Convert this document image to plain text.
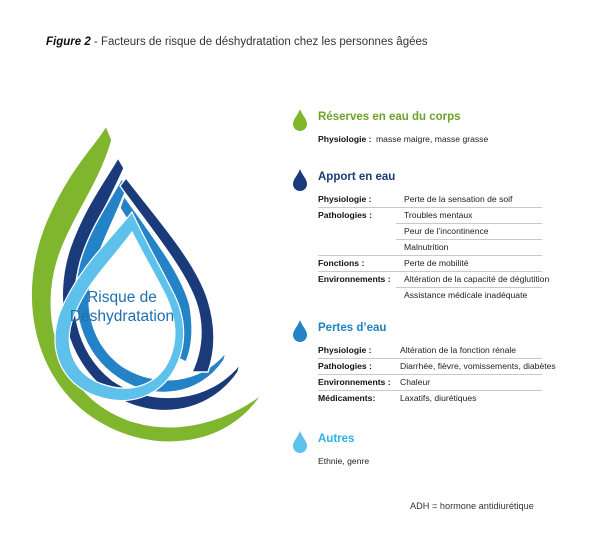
Figure 2 - Facteurs de risque de déshydratation chez les personnes âgées
Risque de
Déshydratation
Réserves en eau du corps
Physiologie : masse maigre, masse grasse
Apport en eau
Physiologie :	Perte de la sensation de soif
Pathologies :	Troubles mentaux
Peur de l’incontinence
Malnutrition
Fonctions :	Perte de mobilité
Environnements : Altération de la capacité de déglutition
Assistance médicale inadéquate
Pertes d’eau
Physiologie :	Altération de la fonction rénale
Pathologies :	Diarrhée, fièvre, vomissements, diabètes
Environnements : Chaleur
Médicaments:	Laxatifs, diurétiques
Autres
Ethnie, genre
ADH = hormone antidiurétique
